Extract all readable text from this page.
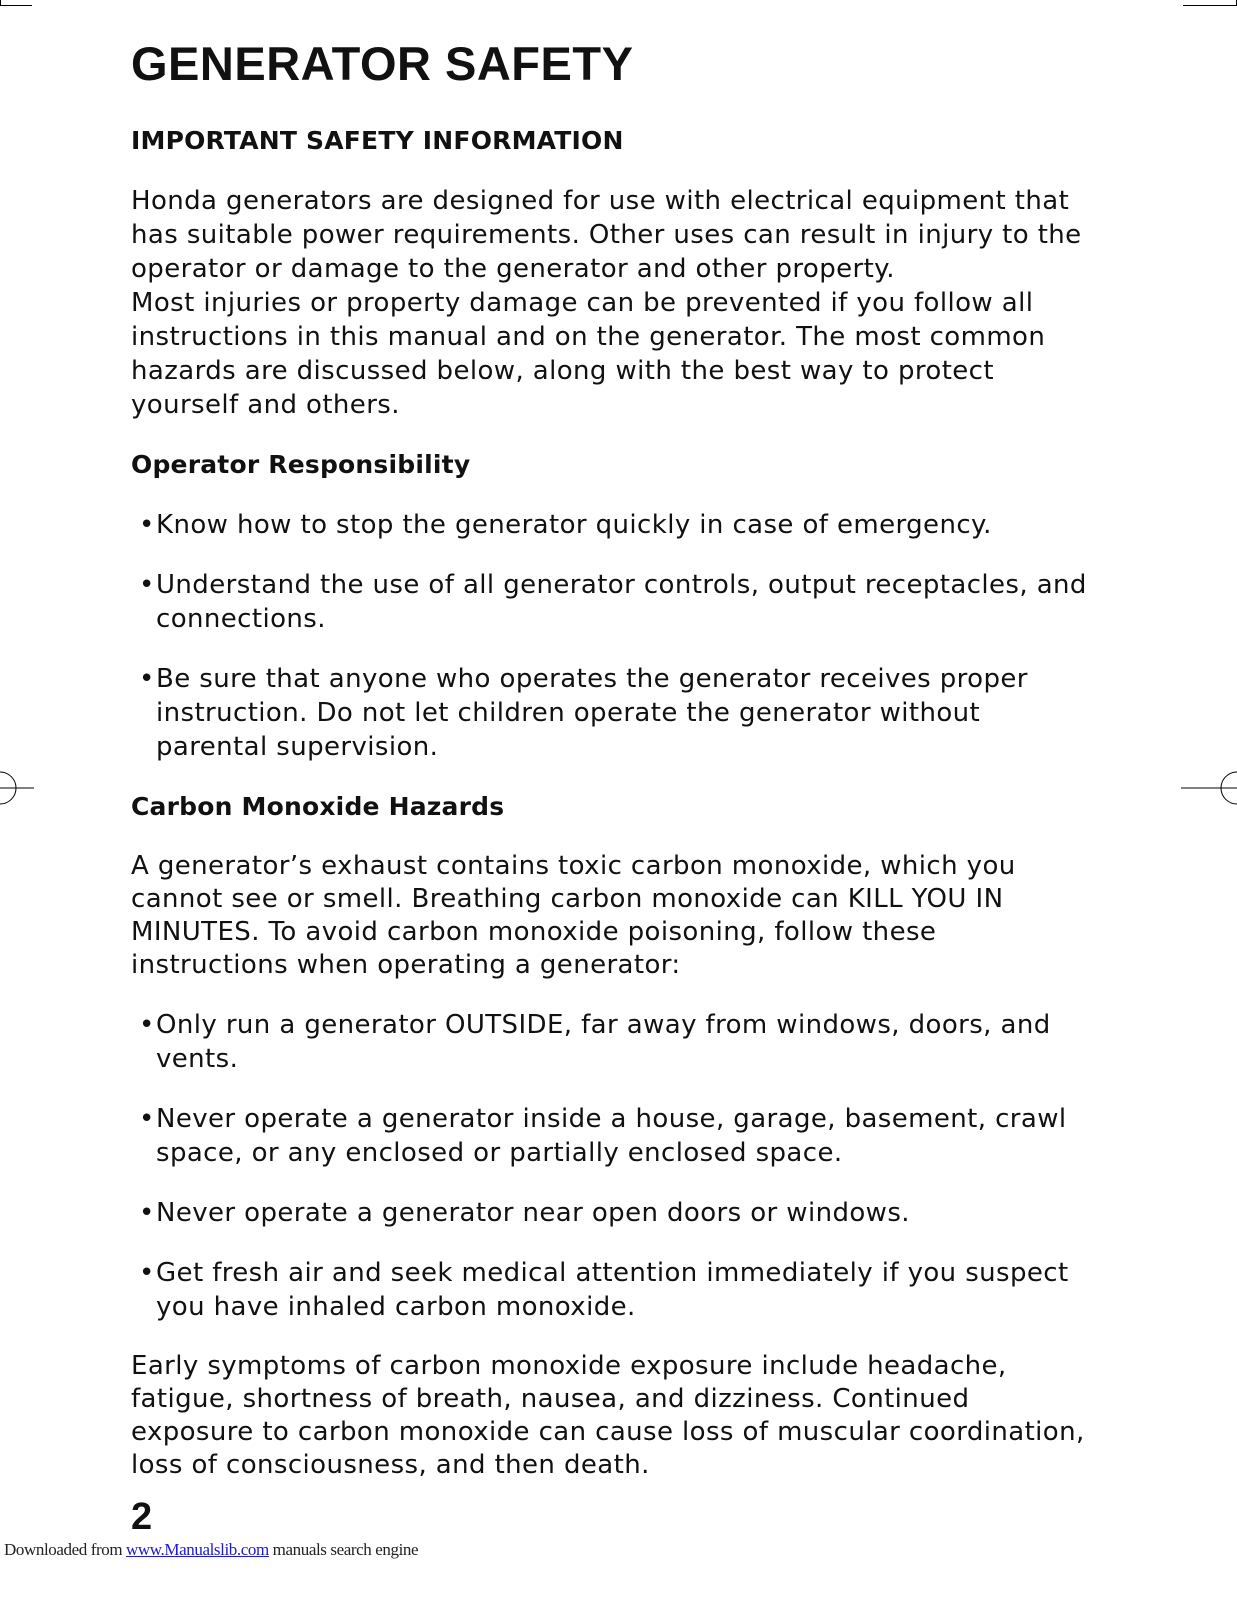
GENERATOR SAFETY
IMPORTANT SAFETY INFORMATION
Honda generators are designed for use with electrical equipment that has suitable power requirements. Other uses can result in injury to the operator or damage to the generator and other property.
Most injuries or property damage can be prevented if you follow all instructions in this manual and on the generator. The most common hazards are discussed below, along with the best way to protect yourself and others.
Operator Responsibility
• Know how to stop the generator quickly in case of emergency.
• Understand the use of all generator controls, output receptacles, and connections.
• Be sure that anyone who operates the generator receives proper instruction. Do not let children operate the generator without parental supervision.
Carbon Monoxide Hazards
A generator’s exhaust contains toxic carbon monoxide, which you cannot see or smell. Breathing carbon monoxide can KILL YOU IN MINUTES. To avoid carbon monoxide poisoning, follow these instructions when operating a generator:
• Only run a generator OUTSIDE, far away from windows, doors, and vents.
• Never operate a generator inside a house, garage, basement, crawl space, or any enclosed or partially enclosed space.
• Never operate a generator near open doors or windows.
• Get fresh air and seek medical attention immediately if you suspect you have inhaled carbon monoxide.
Early symptoms of carbon monoxide exposure include headache, fatigue, shortness of breath, nausea, and dizziness. Continued exposure to carbon monoxide can cause loss of muscular coordination, loss of consciousness, and then death.
2
Downloaded from www.Manualslib.com manuals search engine
